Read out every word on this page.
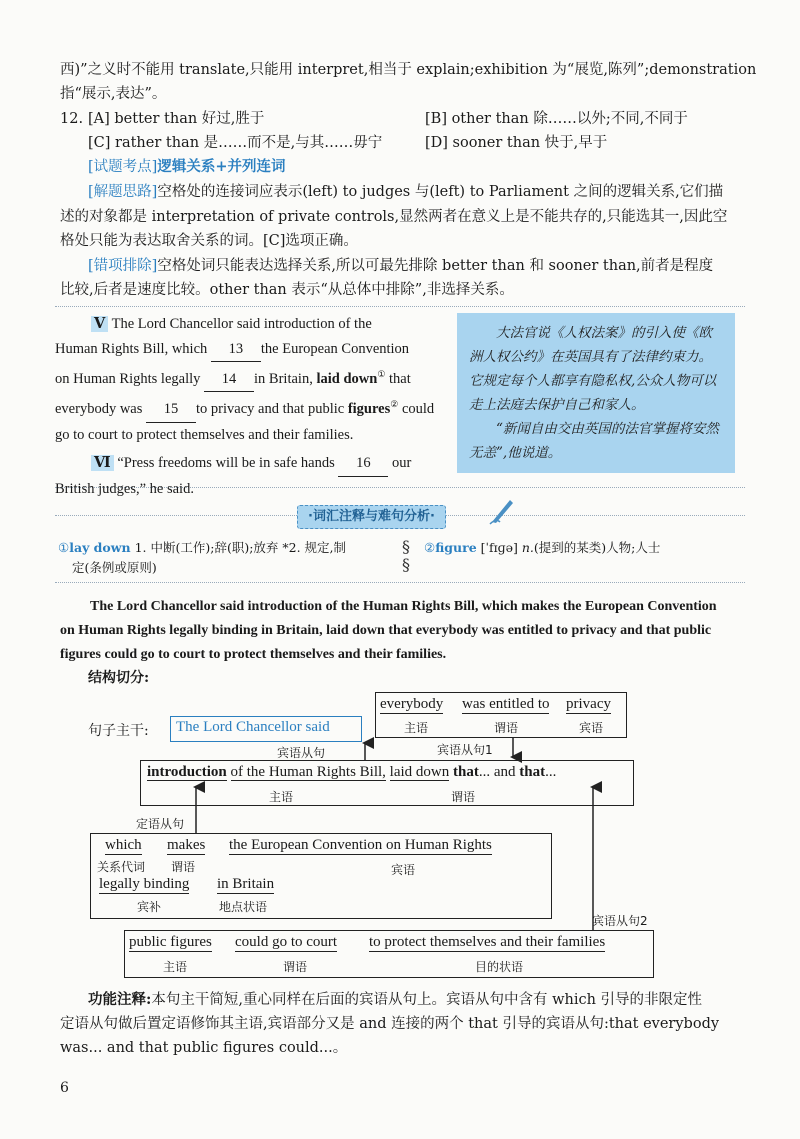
西)”之义时不能用 translate,只能用 interpret,相当于 explain;exhibition 为“展览,陈列”;demonstration
指“展示,表达”。
12. [A] better than 好过,胜于	[B] other than 除……以外;不同,不同于
[C] rather than 是……而不是,与其……毋宁	[D] sooner than 快于,早于
[试题考点]逻辑关系+并列连词
[解题思路]空格处的连接词应表示(left) to judges 与(left) to Parliament 之间的逻辑关系,它们描
述的对象都是 interpretation of private controls,显然两者在意义上是不能共存的,只能选其一,因此空
格处只能为表达取舍关系的词。[C]选项正确。
[错项排除]空格处词只能表达选择关系,所以可最先排除 better than 和 sooner than,前者是程度
比较,后者是速度比较。other than 表示“从总体中排除”,非选择关系。
Ⅴ The Lord Chancellor said introduction of the
Human Rights Bill, which 13 the European Convention
on Human Rights legally 14 in Britain, laid down① that
everybody was 15 to privacy and that public figures② could
go to court to protect themselves and their families.
Ⅵ “Press freedoms will be in safe hands 16 our
British judges,” he said.
大法官说《人权法案》的引入使《欧洲人权公约》在英国具有了法律约束力。它规定每个人都享有隐私权,公众人物可以走上法庭去保护自己和家人。
“新闻自由交由英国的法官掌握将安然无恙”,他说道。
·词汇注释与难句分析·
①lay down 1. 中断(工作);辞(职);放弃 *2. 规定,制
定(条例或原则)
§
§
②figure [ˈfɪɡə] n.(提到的某类)人物;人士
The Lord Chancellor said introduction of the Human Rights Bill, which makes the European Convention
on Human Rights legally binding in Britain, laid down that everybody was entitled to privacy and that public
figures could go to court to protect themselves and their families.
结构切分:
句子主干: The Lord Chancellor said
everybody was entitled to privacy
主语	谓语	宾语
introduction of the Human Rights Bill, laid down that... and that...
主语	谓语
which makes the European Convention on Human Rights
关系代词 谓语	宾语
legally binding in Britain
宾补	地点状语
public figures could go to court to protect themselves and their families
主语	谓语	目的状语
宾语从句	宾语从句1
定语从句
宾语从句2
功能注释:本句主干简短,重心同样在后面的宾语从句上。宾语从句中含有 which 引导的非限定性
定语从句做后置定语修饰其主语,宾语部分又是 and 连接的两个 that 引导的宾语从句:that everybody
was... and that public figures could...。
6
